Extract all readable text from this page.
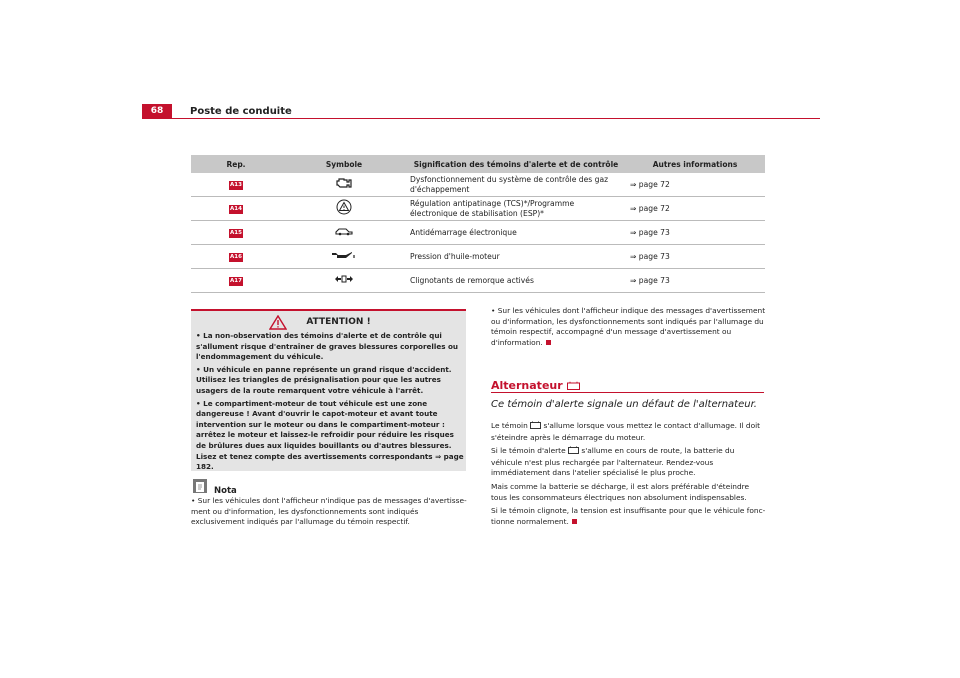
68	Poste de conduite
Rep.	Symbole	Signification des témoins d'alerte et de contrôle	Autres informations
A13		Dysfonctionnement du système de contrôle des gaz d'échappement	⇒ page 72
A14		Régulation antipatinage (TCS)*/Programme électronique de stabilisation (ESP)*	⇒ page 72
A15		Antidémarrage électronique	⇒ page 73
A16		Pression d'huile-moteur	⇒ page 73
A17		Clignotants de remorque activés	⇒ page 73
ATTENTION !

• La non-observation des témoins d'alerte et de contrôle qui s'allument risque d'entraîner de graves blessures corporelles ou l'endommagement du véhicule.

• Un véhicule en panne représente un grand risque d'accident. Utilisez les triangles de présignalisation pour que les autres usagers de la route remarquent votre véhicule à l'arrêt.

• Le compartiment-moteur de tout véhicule est une zone dangereuse ! Avant d'ouvrir le capot-moteur et avant toute intervention sur le moteur ou dans le compartiment-moteur : arrêtez le moteur et laissez-le refroidir pour réduire les risques de brûlures dues aux liquides bouillants ou d'autres blessures. Lisez et tenez compte des avertissements correspondants ⇒ page 182.

Nota

• Sur les véhicules dont l'afficheur n'indique pas de messages d'avertisse-ment ou d'information, les dysfonctionnements sont indiqués exclusivement indiqués par l'allumage du témoin respectif.

• Sur les véhicules dont l'afficheur indique des messages d'avertissement ou d'information, les dysfonctionnements sont indiqués par l'allumage du témoin respectif, accompagné d'un message d'avertissement ou d'information.

Alternateur
Ce témoin d'alerte signale un défaut de l'alternateur.

Le témoin s'allume lorsque vous mettez le contact d'allumage. Il doit s'éteindre après le démarrage du moteur.

Si le témoin d'alerte s'allume en cours de route, la batterie du véhicule n'est plus rechargée par l'alternateur. Rendez-vous immédiatement dans l'atelier spécialisé le plus proche.

Mais comme la batterie se décharge, il est alors préférable d'éteindre tous les consommateurs électriques non absolument indispensables.

Si le témoin clignote, la tension est insuffisante pour que le véhicule fonc-tionne normalement.
